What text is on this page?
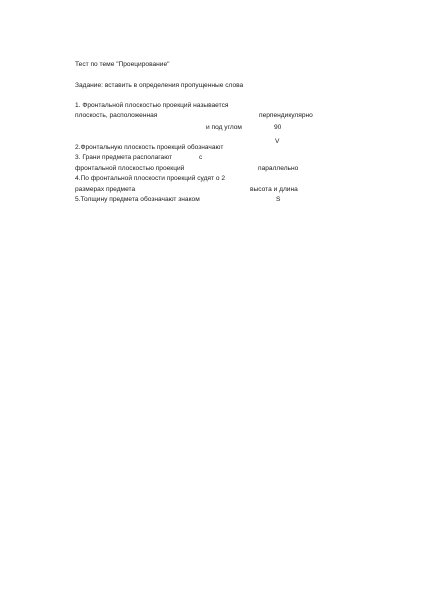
Тест по теме "Проецирование"
Задание: вставить в определения пропущенные слова
1. Фронтальной плоскостью проекций называется
плоскость, расположенная	перпендикулярно
и под углом	90
V
2.Фронтальную плоскость проекций обозначают
3. Грани предмета располагают	с
фронтальной плоскостью проекций	параллельно
4.По фронтальной плоскости проекций судят о 2
размерах предмета	высота и длина
5.Толщину предмета обозначают знаком	S
